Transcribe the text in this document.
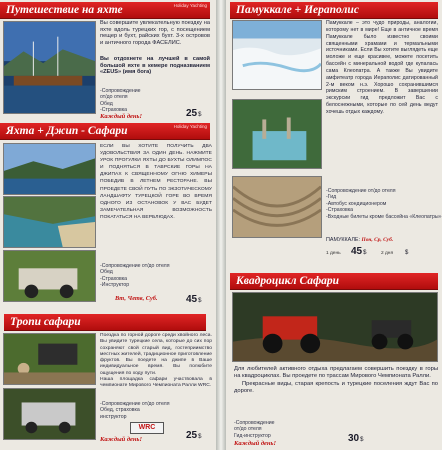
Путешествие на яхте	Holiday Yachting
Вы совершите увлекательную поездку на яхте вдоль турецких гор, с посещением пещер и бухт, райских бухт. 3-х островов и античного города ФАСЕЛИС.
Вы отдохнете на лучшей в самой большой яхте в кемере подназванием «ZEUS» (имя бога)
-Сопровождение
от/до отеля
Обед
-Страховка
Каждый день!	25$
Яхта + Джип - Сафари	Holiday Yachting
ЕСЛИ ВЫ ХОТИТЕ ПОЛУЧИТЬ ДВА УДОВОЛЬСТВИЯ ЗА ОДИН ДЕНЬ. НАЖМИТЕ УРОК ПРОГУЛКИ ЯХТЫ ДО БУХТЫ ОЛИМПОС И ПОДНЯТЬСЯ В ТАВРСКИЕ ГОРЫ НА ДЖИПАХ К СВЯЩЕННОМУ ОГНЮ ХИМЕРЫ ПОБЕДИВ В ЛЕТНЕМ РЕСТОРАНЕ. ВЫ ПРОЕДЕТЕ СВОЙ ПУТЬ ПО ЭКЗОТИЧЕСКОМУ ЛАНДШАФТУ ТУРЕЦКОЙ ГОРЕ ВО ВРЕМЯ ОДНОГО ИЗ ОСТАНОВОК У ВАС БУДЕТ ЗАМЕЧАТЕЛЬНАЯ ВОЗМОЖНОСТЬ ПОКАТАТЬСЯ НА ВЕРБЛЮДАХ.
-Сопровождение от/до отеля
Обед
-Страховка
-Инструктор
Вт, Четв, Суб.	45$
Тропи сафари
Поездка по горной дороге среди хвойного леса. Вы увидите турецкие села, которые до сих пор сохраняют свой старый вид, гостеприимство местных жителей, традиционное приготовление фруктов. Вы поедете на джипе в Ваше индивидуальное время. Вы полюбите ощущения по ходу пути.
Наша площадка сафари участвовала в чемпионате Мирового Чемпионата Ралли WRC.
-Сопровождение от/до отеля
Обед, страховка
инструктор
WRC
Каждый день!	25$
Памуккале + Иераполис
Памуккале – это чудо природы, аналогии, которому нет в мире! Еще в античное время Памуккале было известно своими священными храмами и термальными источниками. Если Вы хотите выглядеть еще моложе и еще красивее, можете посетить бассейн с минеральной водой где купалась сама Клеопатра. А также Вы увидите амфитеатр города Иераполис датированный 2-м веком н.э. Хорошо сохранившимся римским строением. В завершении экскурсии гид предложит Вас с белоснежными, которые по сей день ведут хочешь отдых каждому.
-Сопровождение от/до отеля
-Гид
-Автобус кондиционером
-Страховка
-Входные билеты кроме бассейна «Клеопатры»
ПАМУККАЛЕ: Пон, Ср, Суб.
1 день 45$	2 дня $
Квадроцикл Сафари
Для любителей активного отдыха предлагаем совершить поездку в горы на квадроциклах. Вы проедете по трассам Мирового Чемпионата Ралли.
Прекрасные виды, старая крепость и турецкие поселения ждут Вас по дороге.
-Сопровождение
от/до отеля
Гид-инструктор
Каждый день!	30$
